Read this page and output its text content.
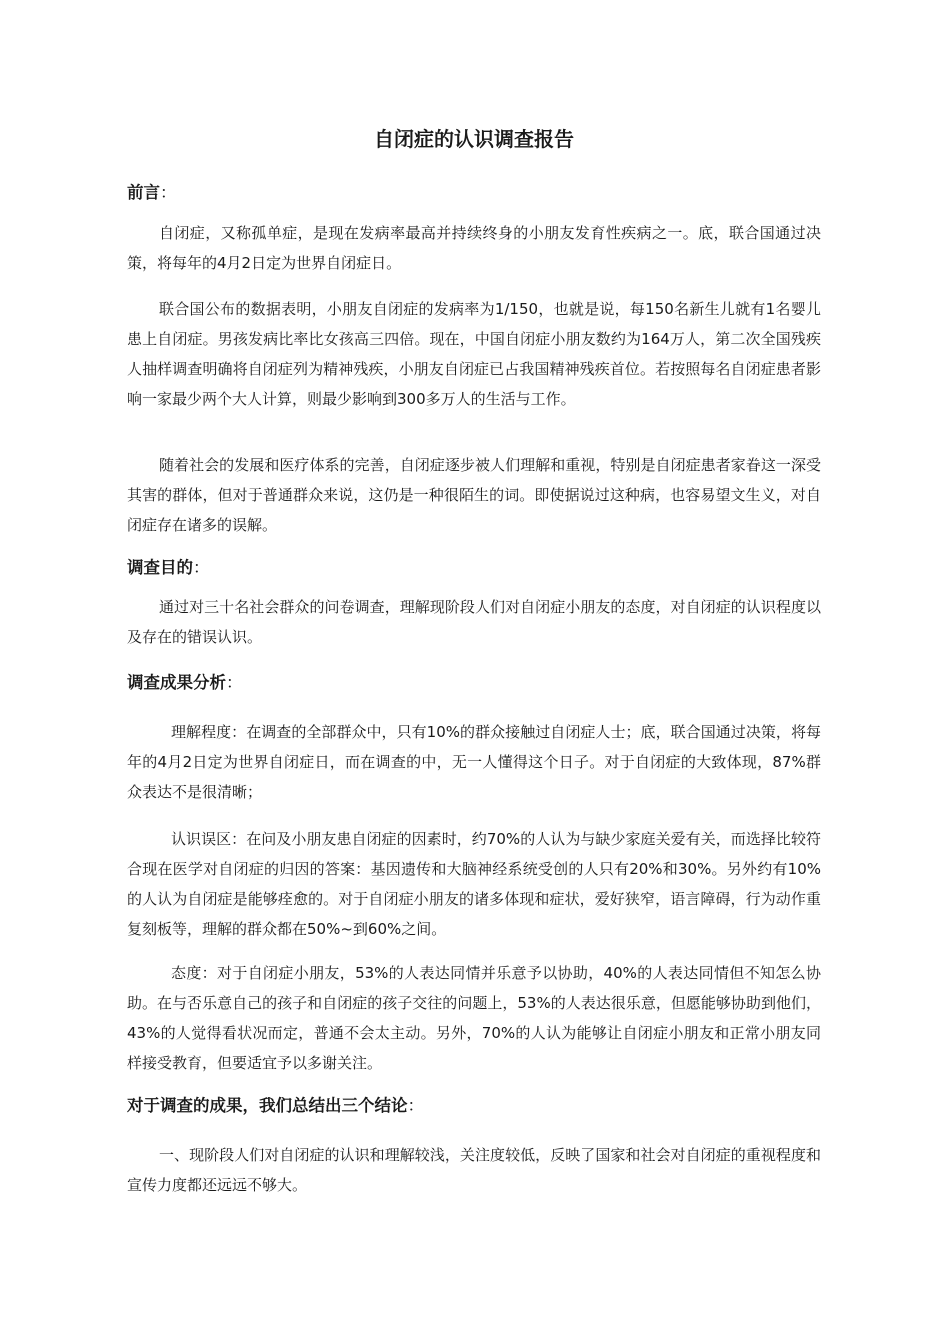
自闭症的认识调查报告
前言：

自闭症，又称孤单症，是现在发病率最高并持续终身的小朋友发育性疾病之一。底，联合国通过决策，将每年的4月2日定为世界自闭症日。

联合国公布的数据表明，小朋友自闭症的发病率为1/150，也就是说，每150名新生儿就有1名婴儿患上自闭症。男孩发病比率比女孩高三四倍。现在，中国自闭症小朋友数约为164万人，第二次全国残疾人抽样调查明确将自闭症列为精神残疾，小朋友自闭症已占我国精神残疾首位。若按照每名自闭症患者影响一家最少两个大人计算，则最少影响到300多万人的生活与工作。

随着社会的发展和医疗体系的完善，自闭症逐步被人们理解和重视，特别是自闭症患者家眷这一深受其害的群体，但对于普通群众来说，这仍是一种很陌生的词。即使据说过这种病，也容易望文生义，对自闭症存在诸多的误解。

调查目的：

通过对三十名社会群众的问卷调查，理解现阶段人们对自闭症小朋友的态度，对自闭症的认识程度以及存在的错误认识。

调查成果分析：

理解程度：在调查的全部群众中，只有10%的群众接触过自闭症人士；底，联合国通过决策，将每年的4月2日定为世界自闭症日，而在调查的中，无一人懂得这个日子。对于自闭症的大致体现，87%群众表达不是很清晰；

认识误区：在问及小朋友患自闭症的因素时，约70%的人认为与缺少家庭关爱有关，而选择比较符合现在医学对自闭症的归因的答案：基因遗传和大脑神经系统受创的人只有20%和30%。另外约有10%的人认为自闭症是能够痊愈的。对于自闭症小朋友的诸多体现和症状，爱好狭窄，语言障碍，行为动作重复刻板等，理解的群众都在50%~到60%之间。

态度：对于自闭症小朋友，53%的人表达同情并乐意予以协助，40%的人表达同情但不知怎么协助。在与否乐意自己的孩子和自闭症的孩子交往的问题上，53%的人表达很乐意，但愿能够协助到他们，43%的人觉得看状况而定，普通不会太主动。另外，70%的人认为能够让自闭症小朋友和正常小朋友同样接受教育，但要适宜予以多谢关注。

对于调查的成果，我们总结出三个结论：

一、现阶段人们对自闭症的认识和理解较浅，关注度较低，反映了国家和社会对自闭症的重视程度和宣传力度都还远远不够大。
